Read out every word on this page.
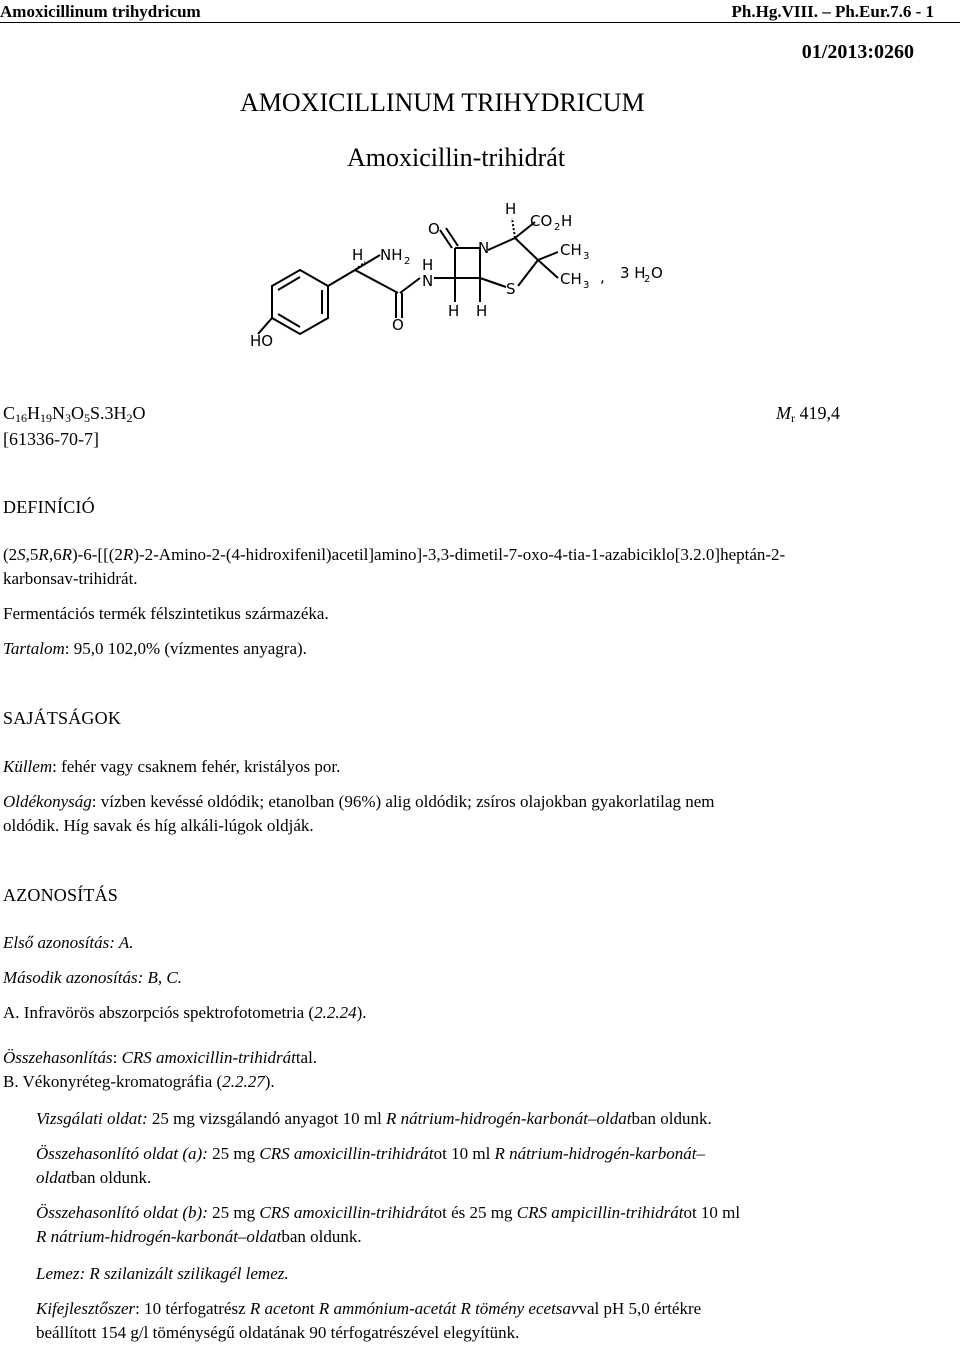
Amoxicillinum trihydricum	Ph.Hg.VIII. – Ph.Eur.7.6 - 1
01/2013:0260
AMOXICILLINUM TRIHYDRICUM
Amoxicillin-trihidrát
H
CO 2 H
O
N	CH 3
H NH 2 H
N	S
CH 3 , 3 H
2 O
O
H H
HO
$C_{16}H_{19}N_3O_5S.3H_2O$	$M_r$ 419,4
[61336-70-7]
DEFINÍCIÓ
(2S,5R,6R)-6-[[(2R)-2-Amino-2-(4-hidroxifenil)acetil]amino]-3,3-dimetil-7-oxo-4-tia-1-azabiciklo[3.2.0]heptán-2-
karbonsav-trihidrát.
Fermentációs termék félszintetikus származéka.
Tartalom: 95,0 102,0% (vízmentes anyagra).
SAJÁTSÁGOK
Küllem: fehér vagy csaknem fehér, kristályos por.
Oldékonyság: vízben kevéssé oldódik; etanolban (96%) alig oldódik; zsíros olajokban gyakorlatilag nem
oldódik. Híg savak és híg alkáli-lúgok oldják.
AZONOSÍTÁS
Első azonosítás: A.
Második azonosítás: B, C.
A. Infravörös abszorpciós spektrofotometria (2.2.24).
Összehasonlítás: CRS amoxicillin-trihidráttal.
B. Vékonyréteg-kromatográfia (2.2.27).
Vizsgálati oldat: 25 mg vizsgálandó anyagot 10 ml R nátrium-hidrogén-karbonát–oldatban oldunk.
Összehasonlító oldat (a): 25 mg CRS amoxicillin-trihidrátot 10 ml R nátrium-hidrogén-karbonát–
oldatban oldunk.
Összehasonlító oldat (b): 25 mg CRS amoxicillin-trihidrátot és 25 mg CRS ampicillin-trihidrátot 10 ml
R nátrium-hidrogén-karbonát–oldatban oldunk.
Lemez: R szilanizált szilikagél lemez.
Kifejlesztőszer: 10 térfogatrész R acetont R ammónium-acetát R tömény ecetsavval pH 5,0 értékre
beállított 154 g/l töménységű oldatának 90 térfogatrészével elegyítünk.
